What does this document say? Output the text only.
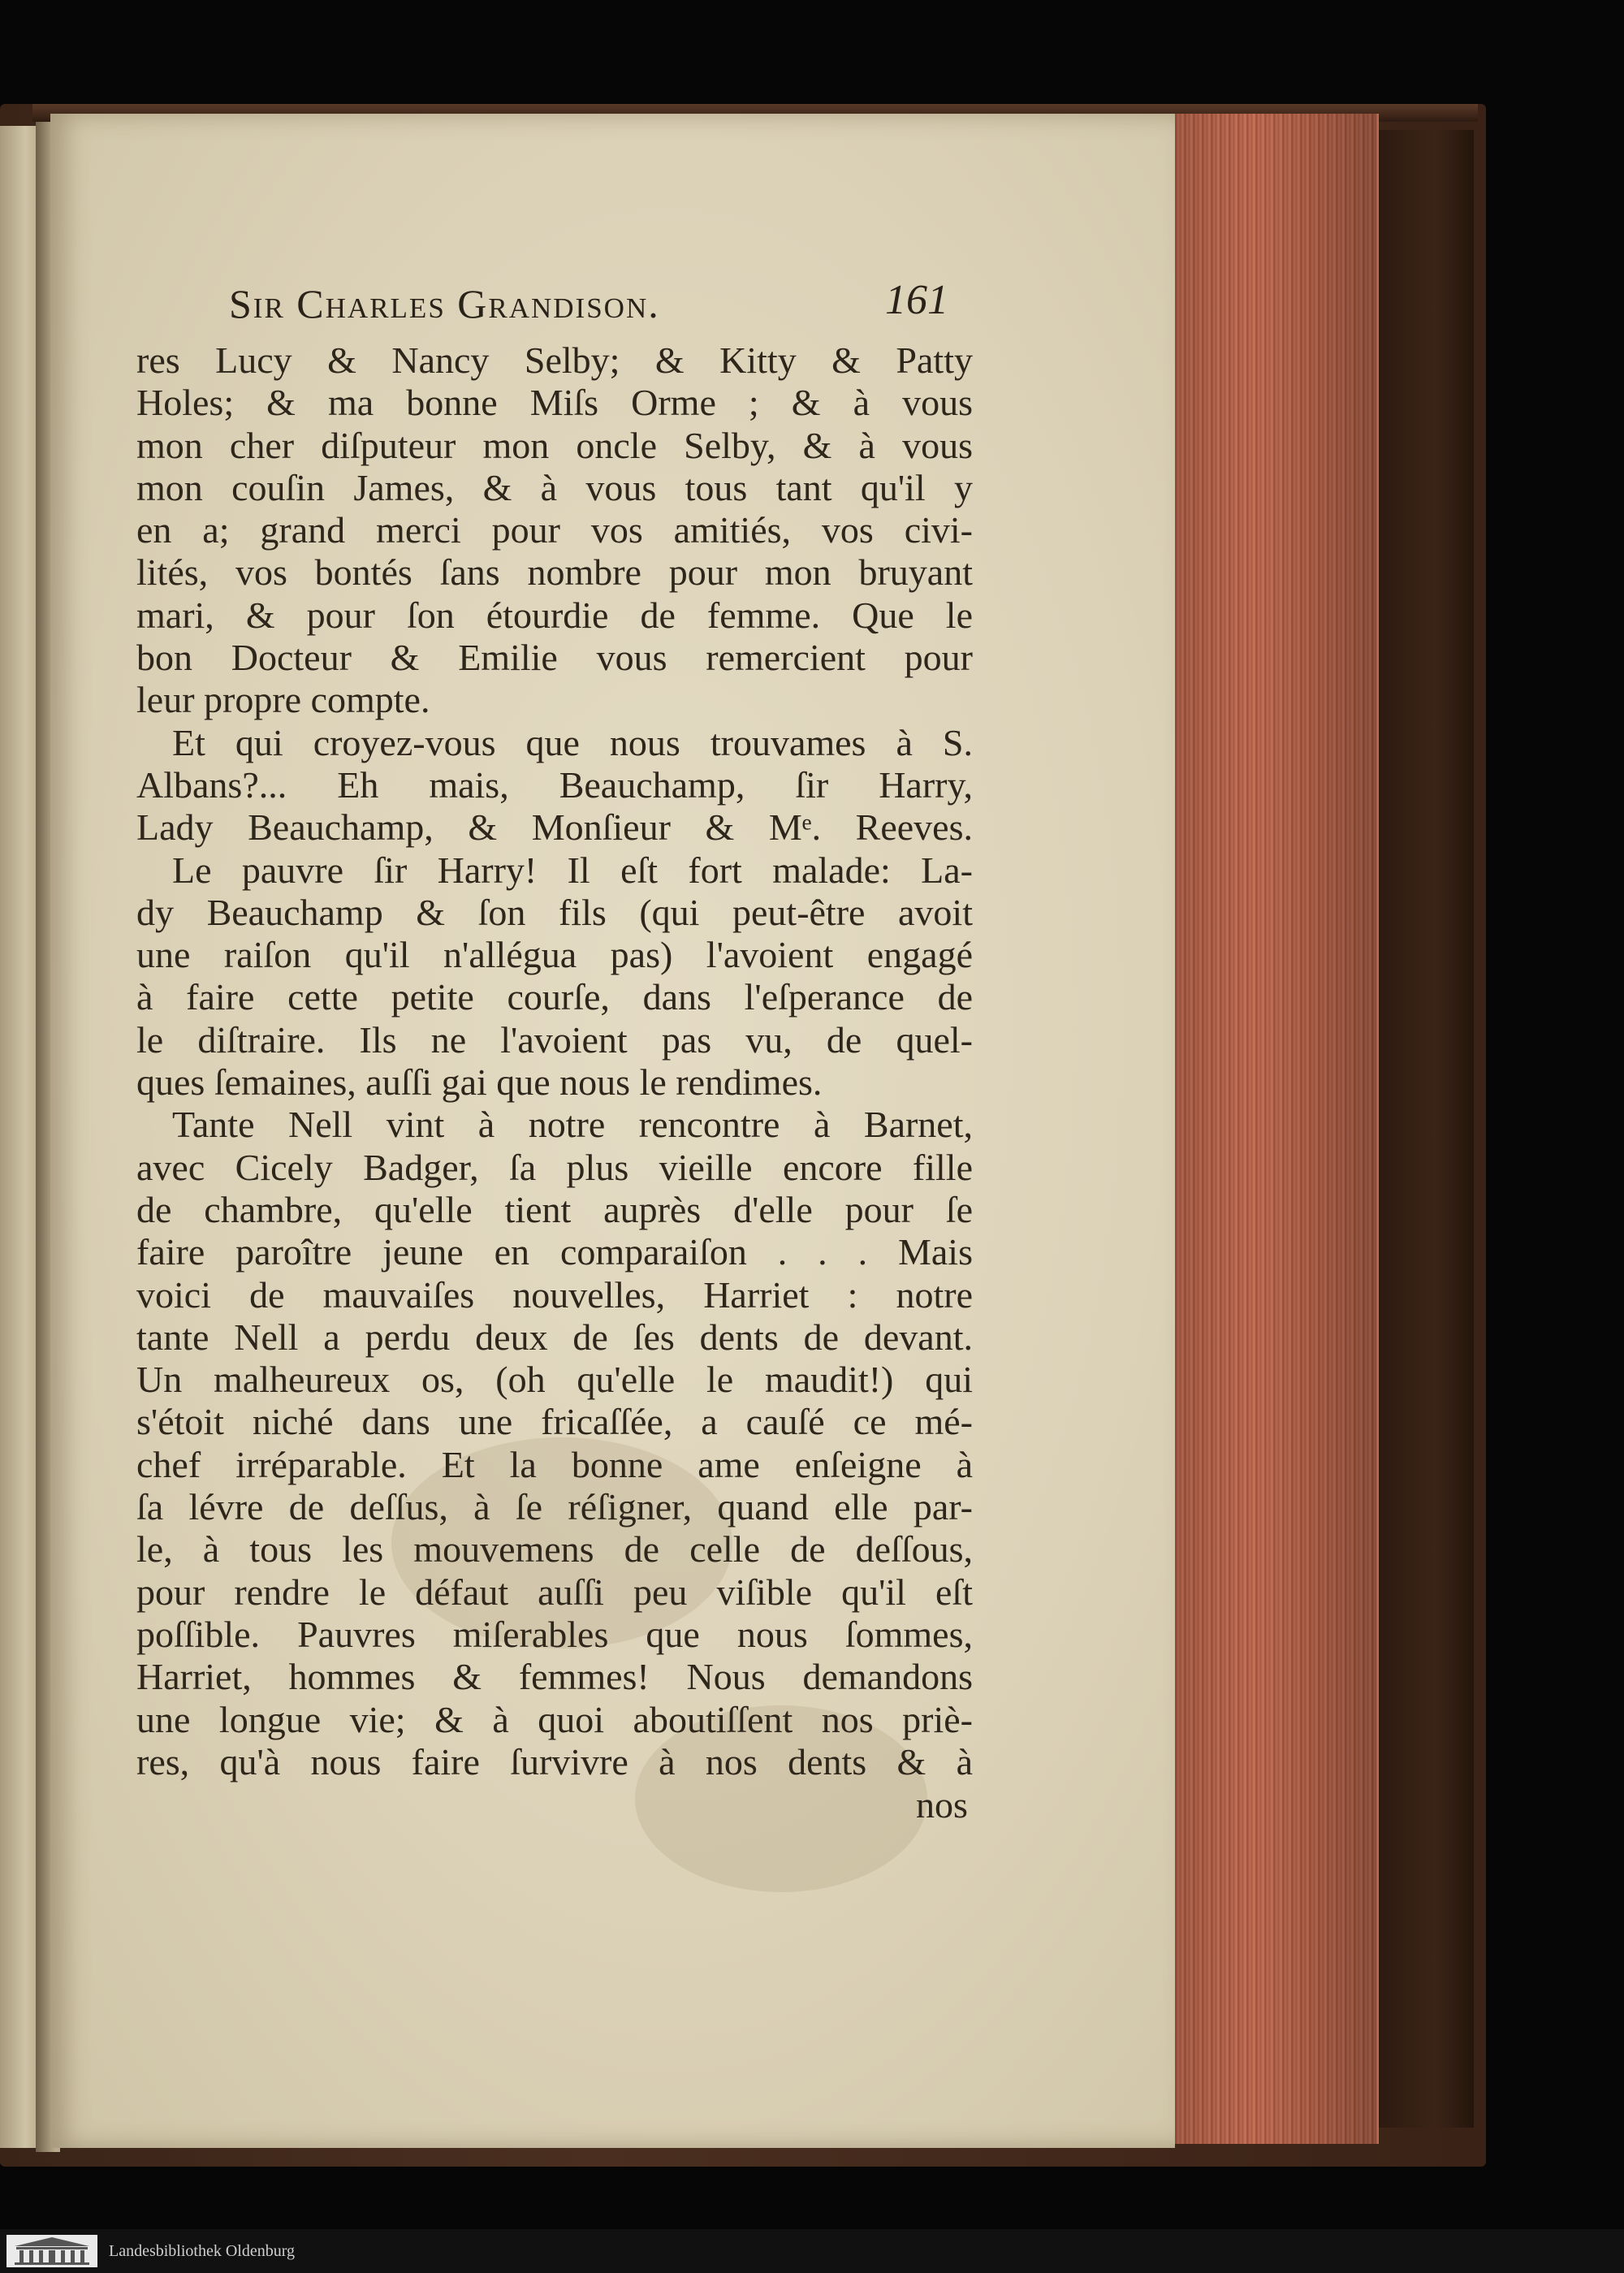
Sir Charles Grandison.	161
res Lucy & Nancy Selby; & Kitty & Patty
Holes; & ma bonne Miſs Orme ; & à vous
mon cher diſputeur mon oncle Selby, & à vous
mon couſin James, & à vous tous tant qu'il y
en a; grand merci pour vos amitiés, vos civi-
lités, vos bontés ſans nombre pour mon bruyant
mari, & pour ſon étourdie de femme. Que le
bon Docteur & Emilie vous remercient pour
leur propre compte.
Et qui croyez-vous que nous trouvames à S.
Albans?... Eh mais, Beauchamp, ſir Harry,
Lady Beauchamp, & Monſieur & Mᵉ. Reeves.
Le pauvre ſir Harry! Il eſt fort malade: La-
dy Beauchamp & ſon fils (qui peut-être avoit
une raiſon qu'il n'allégua pas) l'avoient engagé
à faire cette petite courſe, dans l'eſperance de
le diſtraire. Ils ne l'avoient pas vu, de quel-
ques ſemaines, auſſi gai que nous le rendimes.
Tante Nell vint à notre rencontre à Barnet,
avec Cicely Badger, ſa plus vieille encore fille
de chambre, qu'elle tient auprès d'elle pour ſe
faire paroître jeune en comparaiſon . . . Mais
voici de mauvaiſes nouvelles, Harriet : notre
tante Nell a perdu deux de ſes dents de devant.
Un malheureux os, (oh qu'elle le maudit!) qui
s'étoit niché dans une fricaſſée, a cauſé ce mé-
chef irréparable. Et la bonne ame enſeigne à
ſa lévre de deſſus, à ſe réſigner, quand elle par-
le, à tous les mouvemens de celle de deſſous,
pour rendre le défaut auſſi peu viſible qu'il eſt
poſſible. Pauvres miſerables que nous ſommes,
Harriet, hommes & femmes! Nous demandons
une longue vie; & à quoi aboutiſſent nos priè-
res, qu'à nous faire ſurvivre à nos dents & à
nos
Landesbibliothek Oldenburg
